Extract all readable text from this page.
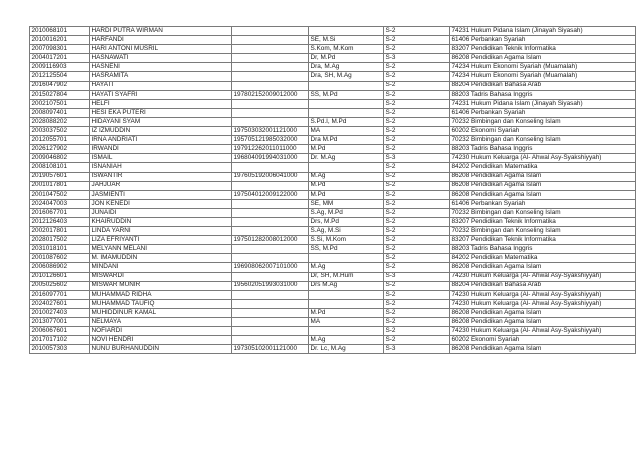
2010068101	HARDI PUTRA WIRMAN			S-2	74231 Hukum Pidana Islam (Jinayah Siyasah)
2010016201	HARFANDI		SE, M.Si	S-2	61406 Perbankan Syariah
2007098301	HARI ANTONI MUSRIL		S.Kom, M.Kom	S-2	83207 Pendidikan Teknik Informatika
2004017201	HASNAWATI		Dr, M.Pd	S-3	86208 Pendidikan Agama Islam
2009116903	HASNENI		Dra, M.Ag	S-2	74234 Hukum Ekonomi Syariah (Muamalah)
2012125504	HASRAMITA		Dra, SH, M.Ag	S-2	74234 Hukum Ekonomi Syariah (Muamalah)
2016047902	HAYATI			S-2	88204 Pendidikan Bahasa Arab
2015027804	HAYATI SYAFRI	197802152009012000	SS, M.Pd	S-2	88203 Tadris Bahasa Inggris
2002107501	HELFI			S-2	74231 Hukum Pidana Islam (Jinayah Siyasah)
2008097401	HESI EKA PUTERI			S-2	61406 Perbankan Syariah
2028088202	HIDAYANI SYAM		S.Pd.I, M.Pd	S-2	70232 Bimbingan dan Konseling Islam
2003037502	IZ IZMUDDIN	197503032001121000	MA	S-2	60202 Ekonomi Syariah
2012055701	IRNA ANDRIATI	195705121985032000	Dra M.Pd	S-2	70232 Bimbingan dan Konseling Islam
2026127902	IRWANDI	197912262011011000	M.Pd	S-2	88203 Tadris Bahasa Inggris
2009046802	ISMAIL	196804091994031000	Dr. M.Ag	S-3	74230 Hukum Keluarga (Al- Ahwal Asy-Syakshiyyah)
2008108101	ISNANIAH			S-2	84202 Pendidikan Matematika
2019057601	ISWANTIR	197605192006041000	M.Ag	S-2	86208 Pendidikan Agama Islam
2001017801	JAHJUAR		M.Pd	S-2	86208 Pendidikan Agama Islam
2001047502	JASMIENTI	197504012009122000	M.Pd	S-2	86208 Pendidikan Agama Islam
2024047003	JON KENEDI		SE, MM	S-2	61406 Perbankan Syariah
2016067701	JUNAIDI		S.Ag, M.Pd	S-2	70232 Bimbingan dan Konseling Islam
2012126403	KHAIRUDDIN		Drs, M.Pd	S-2	83207 Pendidikan Teknik Informatika
2002017801	LINDA YARNI		S.Ag, M.Si	S-2	70232 Bimbingan dan Konseling Islam
2028017502	LIZA EFRIYANTI	197501282008012000	S.Si, M.Kom	S-2	83207 Pendidikan Teknik Informatika
2031018101	MELYANN MELANI		SS, M.Pd	S-2	88203 Tadris Bahasa Inggris
2001087602	M. IMAMUDDIN			S-2	84202 Pendidikan Matematika
2006086902	MINDANI	196908062007101000	M.Ag	S-2	86208 Pendidikan Agama Islam
2010126601	MISWARDI		Dr, SH, M.Hum	S-3	74230 Hukum Keluarga (Al- Ahwal Asy-Syakshiyyah)
2005025602	MISWAR MUNIR	195602051993031000	Drs M.Ag	S-2	88204 Pendidikan Bahasa Arab
2016097701	MUHAMMAD RIDHA			S-2	74230 Hukum Keluarga (Al- Ahwal Asy-Syakshiyyah)
2024027601	MUHAMMAD TAUFIQ			S-2	74230 Hukum Keluarga (Al- Ahwal Asy-Syakshiyyah)
2010027403	MUHIDDINUR KAMAL		M.Pd	S-2	86208 Pendidikan Agama Islam
2013077001	NELMAYA		MA	S-2	86208 Pendidikan Agama Islam
2006067601	NOFIARDI			S-2	74230 Hukum Keluarga (Al- Ahwal Asy-Syakshiyyah)
2017017102	NOVI HENDRI		M.Ag	S-2	60202 Ekonomi Syariah
2010057303	NUNU BURHANUDDIN	197305102001121000	Dr. Lc, M.Ag	S-3	86208 Pendidikan Agama Islam
